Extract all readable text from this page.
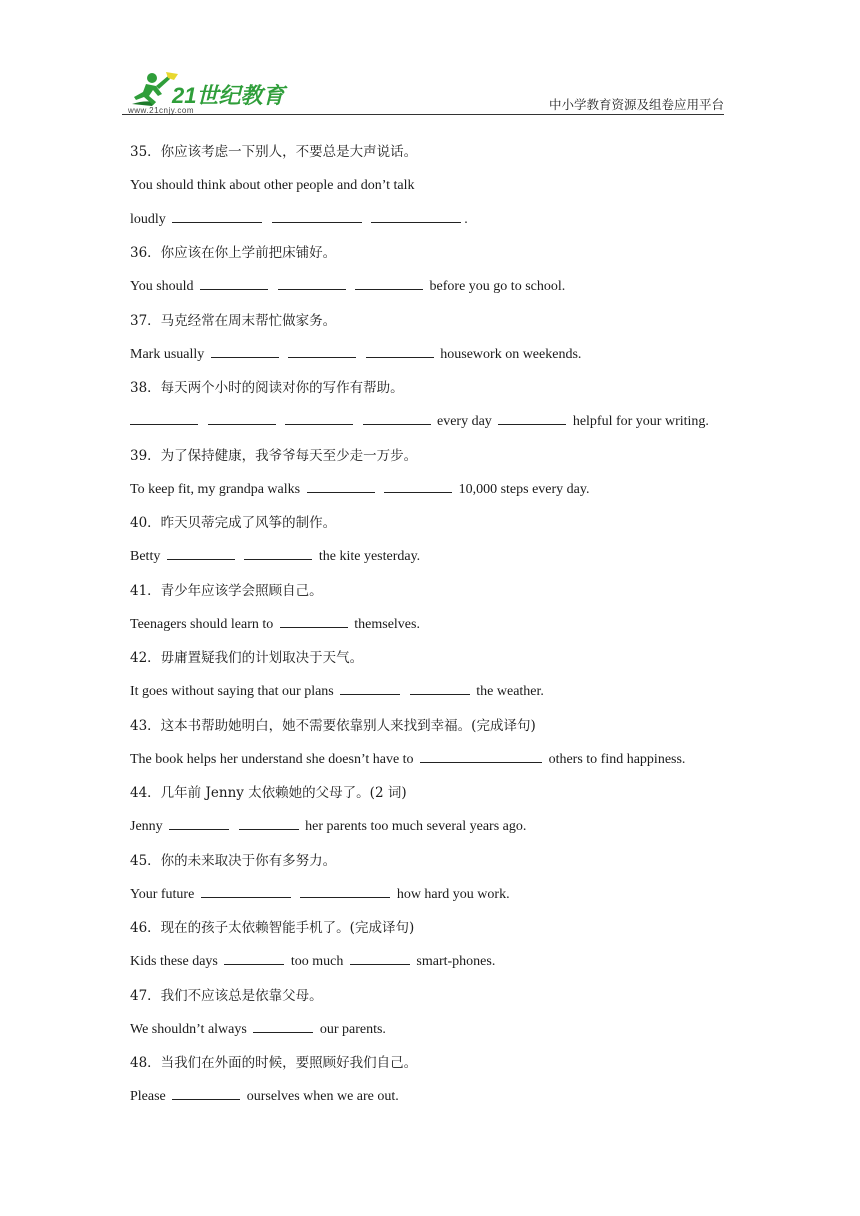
21世纪教育
www.21cnjy.com	中小学教育资源及组卷应用平台
35．你应该考虑一下别人，不要总是大声说话。
You should think about other people and don’t talk
loudly	.
36．你应该在你上学前把床铺好。
You should	before you go to school.
37．马克经常在周末帮忙做家务。
Mark usually	housework on weekends.
38．每天两个小时的阅读对你的写作有帮助。
every day	helpful for your writing.
39．为了保持健康，我爷爷每天至少走一万步。
To keep fit, my grandpa walks	10,000 steps every day.
40．昨天贝蒂完成了风筝的制作。
Betty	the kite yesterday.
41．青少年应该学会照顾自己。
Teenagers should learn to	themselves.
42．毋庸置疑我们的计划取决于天气。
It goes without saying that our plans	the weather.
43．这本书帮助她明白，她不需要依靠别人来找到幸福。(完成译句)
The book helps her understand she doesn’t have to	others to find happiness.
44．几年前 Jenny 太依赖她的父母了。(2 词)
Jenny	her parents too much several years ago.
45．你的未来取决于你有多努力。
Your future	how hard you work.
46．现在的孩子太依赖智能手机了。(完成译句)
Kids these days	too much	smart-phones.
47．我们不应该总是依靠父母。
We shouldn’t always	our parents.
48．当我们在外面的时候，要照顾好我们自己。
Please	ourselves when we are out.
